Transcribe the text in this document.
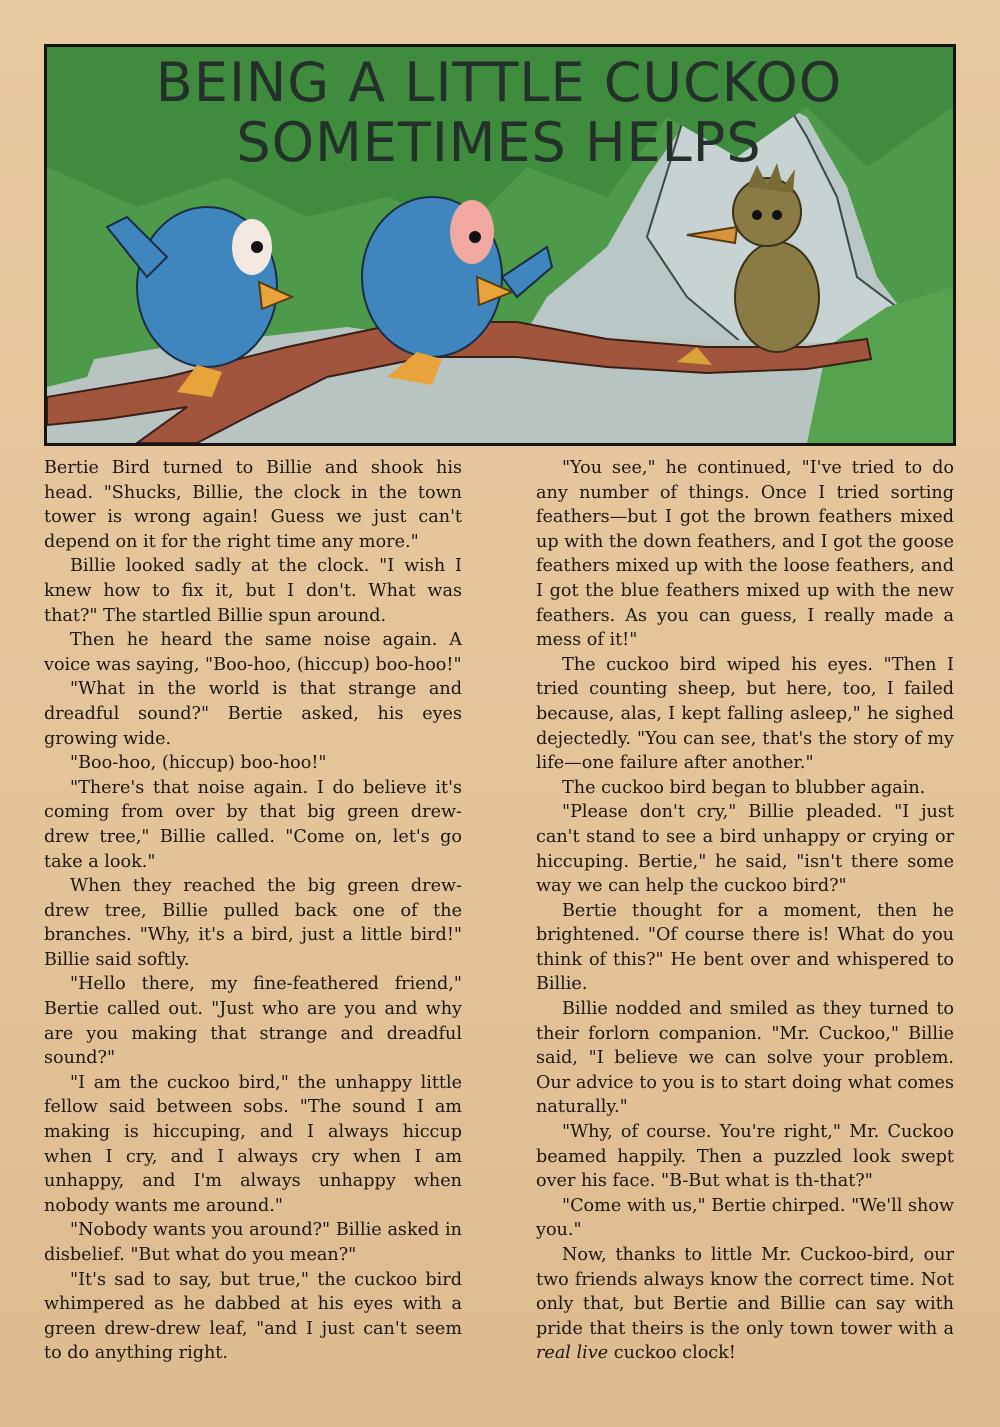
BEING A LITTLE CUCKOO
SOMETIMES HELPS

Bertie Bird turned to Billie and shook his head. "Shucks, Billie, the clock in the town tower is wrong again! Guess we just can't depend on it for the right time any more."

Billie looked sadly at the clock. "I wish I knew how to fix it, but I don't. What was that?" The startled Billie spun around.

Then he heard the same noise again. A voice was saying, "Boo-hoo, (hiccup) boo-hoo!"

"What in the world is that strange and dreadful sound?" Bertie asked, his eyes growing wide.

"Boo-hoo, (hiccup) boo-hoo!"

"There's that noise again. I do believe it's coming from over by that big green drew-drew tree," Billie called. "Come on, let's go take a look."

When they reached the big green drew-drew tree, Billie pulled back one of the branches. "Why, it's a bird, just a little bird!" Billie said softly.

"Hello there, my fine-feathered friend," Bertie called out. "Just who are you and why are you making that strange and dreadful sound?"

"I am the cuckoo bird," the unhappy little fellow said between sobs. "The sound I am making is hiccuping, and I always hiccup when I cry, and I always cry when I am unhappy, and I'm always unhappy when nobody wants me around."

"Nobody wants you around?" Billie asked in disbelief. "But what do you mean?"

"It's sad to say, but true," the cuckoo bird whimpered as he dabbed at his eyes with a green drew-drew leaf, "and I just can't seem to do anything right.

"You see," he continued, "I've tried to do any number of things. Once I tried sorting feathers—but I got the brown feathers mixed up with the down feathers, and I got the goose feathers mixed up with the loose feathers, and I got the blue feathers mixed up with the new feathers. As you can guess, I really made a mess of it!"

The cuckoo bird wiped his eyes. "Then I tried counting sheep, but here, too, I failed because, alas, I kept falling asleep," he sighed dejectedly. "You can see, that's the story of my life—one failure after another."

The cuckoo bird began to blubber again.

"Please don't cry," Billie pleaded. "I just can't stand to see a bird unhappy or crying or hiccuping. Bertie," he said, "isn't there some way we can help the cuckoo bird?"

Bertie thought for a moment, then he brightened. "Of course there is! What do you think of this?" He bent over and whispered to Billie.

Billie nodded and smiled as they turned to their forlorn companion. "Mr. Cuckoo," Billie said, "I believe we can solve your problem. Our advice to you is to start doing what comes naturally."

"Why, of course. You're right," Mr. Cuckoo beamed happily. Then a puzzled look swept over his face. "B-But what is th-that?"

"Come with us," Bertie chirped. "We'll show you."

Now, thanks to little Mr. Cuckoo-bird, our two friends always know the correct time. Not only that, but Bertie and Billie can say with pride that theirs is the only town tower with a real live cuckoo clock!
